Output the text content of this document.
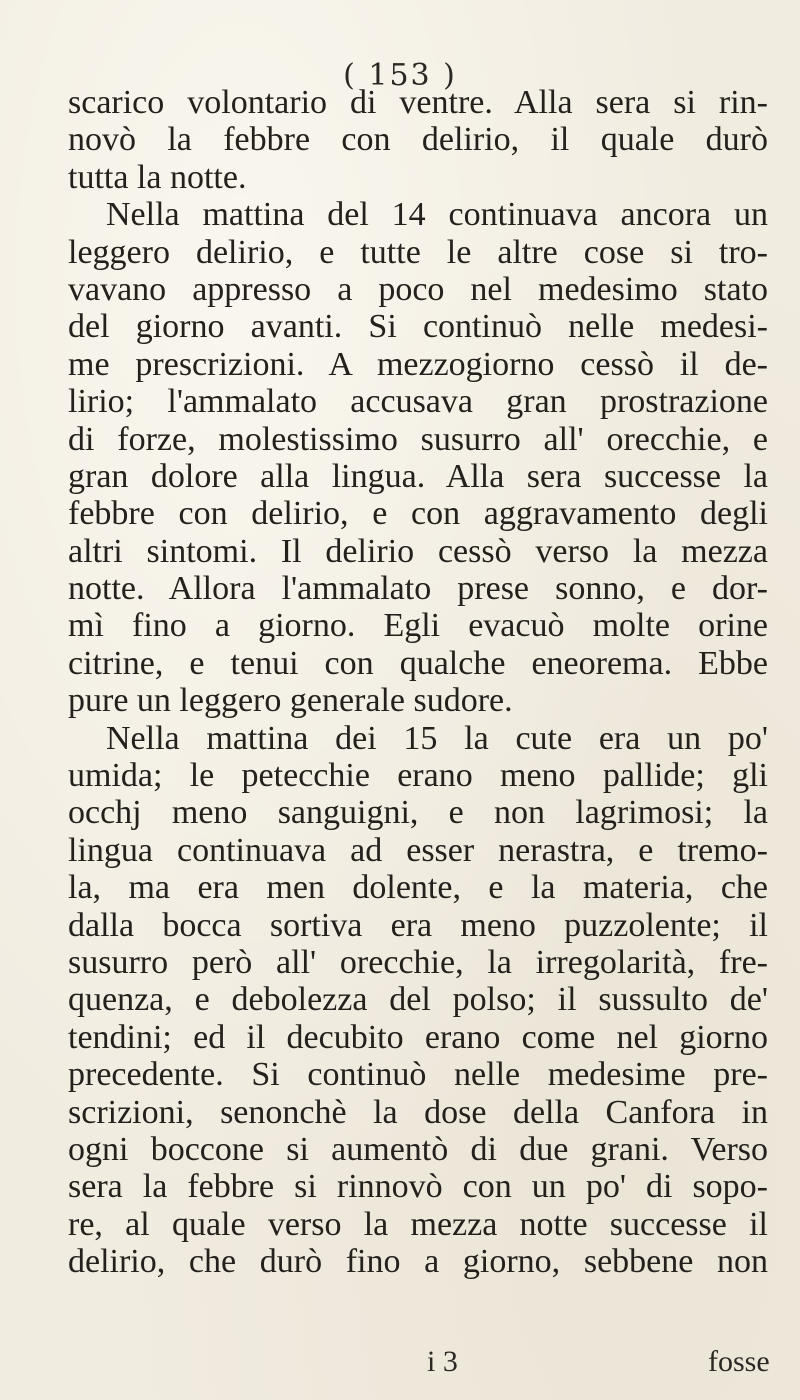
( 153 )
scarico volontario di ventre. Alla sera si rin-
novò la febbre con delirio, il quale durò
tutta la notte.
Nella mattina del 14 continuava ancora un
leggero delirio, e tutte le altre cose si tro-
vavano appresso a poco nel medesimo stato
del giorno avanti. Si continuò nelle medesi-
me prescrizioni. A mezzogiorno cessò il de-
lirio; l'ammalato accusava gran prostrazione
di forze, molestissimo susurro all' orecchie, e
gran dolore alla lingua. Alla sera successe la
febbre con delirio, e con aggravamento degli
altri sintomi. Il delirio cessò verso la mezza
notte. Allora l'ammalato prese sonno, e dor-
mì fino a giorno. Egli evacuò molte orine
citrine, e tenui con qualche eneorema. Ebbe
pure un leggero generale sudore.
Nella mattina dei 15 la cute era un po'
umida; le petecchie erano meno pallide; gli
occhj meno sanguigni, e non lagrimosi; la
lingua continuava ad esser nerastra, e tremo-
la, ma era men dolente, e la materia, che
dalla bocca sortiva era meno puzzolente; il
susurro però all' orecchie, la irregolarità, fre-
quenza, e debolezza del polso; il sussulto de'
tendini; ed il decubito erano come nel giorno
precedente. Si continuò nelle medesime pre-
scrizioni, senonchè la dose della Canfora in
ogni boccone si aumentò di due grani. Verso
sera la febbre si rinnovò con un po' di sopo-
re, al quale verso la mezza notte successe il
delirio, che durò fino a giorno, sebbene non
i 3	fosse
